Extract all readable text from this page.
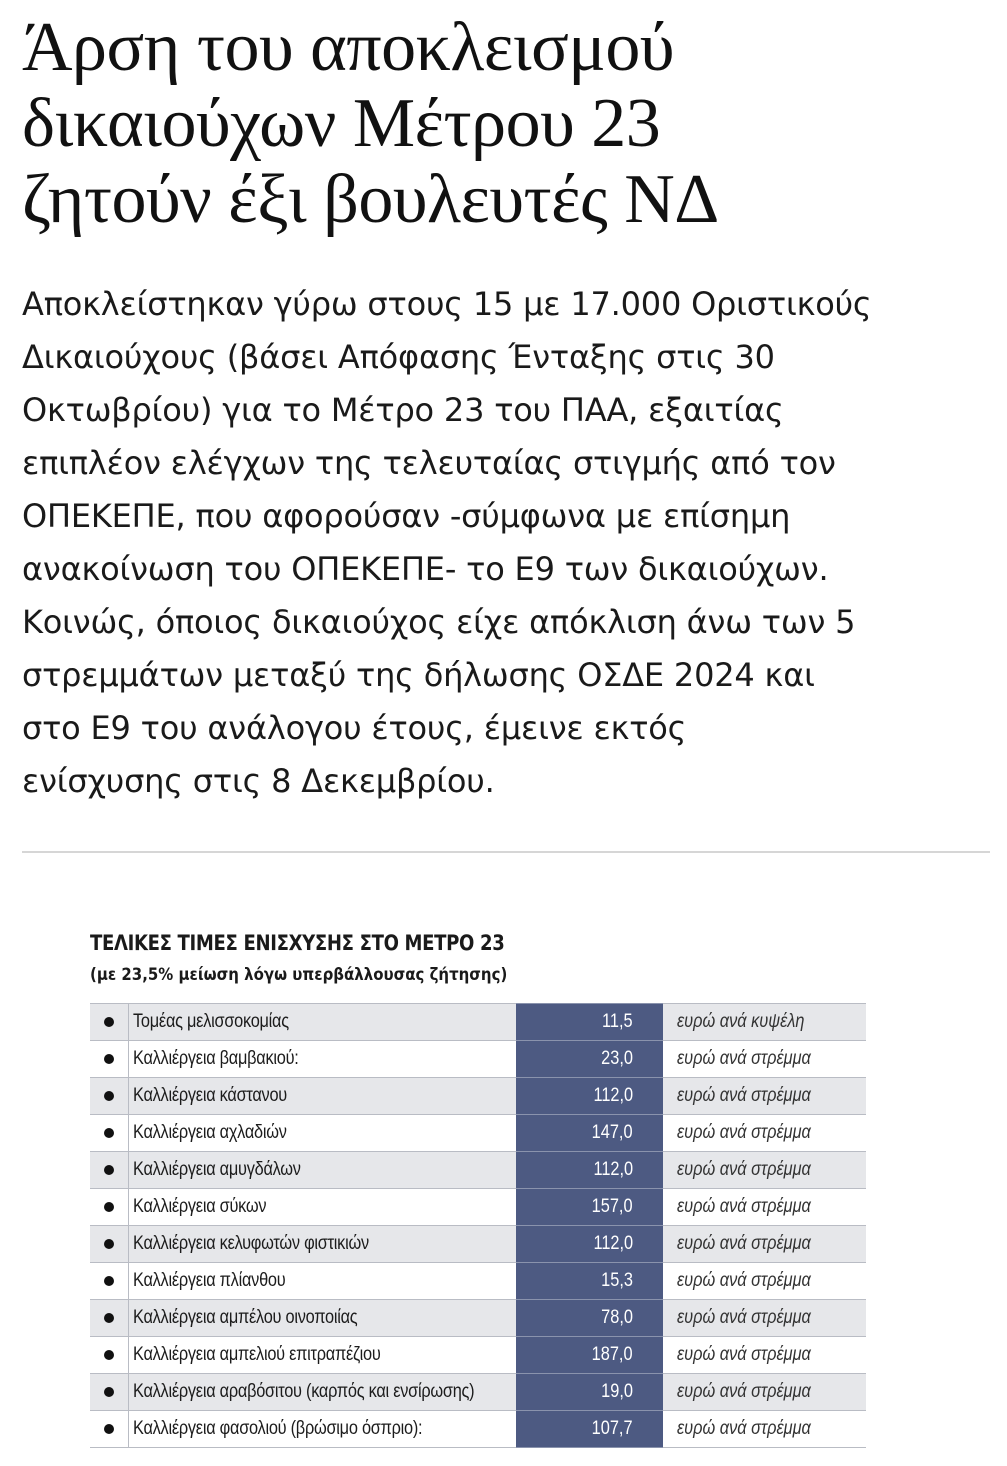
Άρση του αποκλεισμού
δικαιούχων Μέτρου 23
ζητούν έξι βουλευτές ΝΔ
Αποκλείστηκαν γύρω στους 15 με 17.000 Οριστικούς
Δικαιούχους (βάσει Απόφασης Ένταξης στις 30
Οκτωβρίου) για το Μέτρο 23 του ΠΑΑ, εξαιτίας
επιπλέον ελέγχων της τελευταίας στιγμής από τον
ΟΠΕΚΕΠΕ, που αφορούσαν -σύμφωνα με επίσημη
ανακοίνωση του ΟΠΕΚΕΠΕ- το Ε9 των δικαιούχων.
Κοινώς, όποιος δικαιούχος είχε απόκλιση άνω των 5
στρεμμάτων μεταξύ της δήλωσης ΟΣΔΕ 2024 και
στο Ε9 του ανάλογου έτους, έμεινε εκτός
ενίσχυσης στις 8 Δεκεμβρίου.
ΤΕΛΙΚΕΣ ΤΙΜΕΣ ΕΝΙΣΧΥΣΗΣ ΣΤΟ ΜΕΤΡΟ 23
(με 23,5% μείωση λόγω υπερβάλλουσας ζήτησης)
	Τομέας μελισσοκομίας	11,5	ευρώ ανά κυψέλη
	Καλλιέργεια βαμβακιού:	23,0	ευρώ ανά στρέμμα
	Καλλιέργεια κάστανου	112,0	ευρώ ανά στρέμμα
	Καλλιέργεια αχλαδιών	147,0	ευρώ ανά στρέμμα
	Καλλιέργεια αμυγδάλων	112,0	ευρώ ανά στρέμμα
	Καλλιέργεια σύκων	157,0	ευρώ ανά στρέμμα
	Καλλιέργεια κελυφωτών φιστικιών	112,0	ευρώ ανά στρέμμα
	Καλλιέργεια πλίανθου	15,3	ευρώ ανά στρέμμα
	Καλλιέργεια αμπέλου οινοποιίας	78,0	ευρώ ανά στρέμμα
	Καλλιέργεια αμπελιού επιτραπέζιου	187,0	ευρώ ανά στρέμμα
	Καλλιέργεια αραβόσιτου (καρπός και ενσίρωσης)	19,0	ευρώ ανά στρέμμα
	Καλλιέργεια φασολιού (βρώσιμο όσπριο):	107,7	ευρώ ανά στρέμμα
